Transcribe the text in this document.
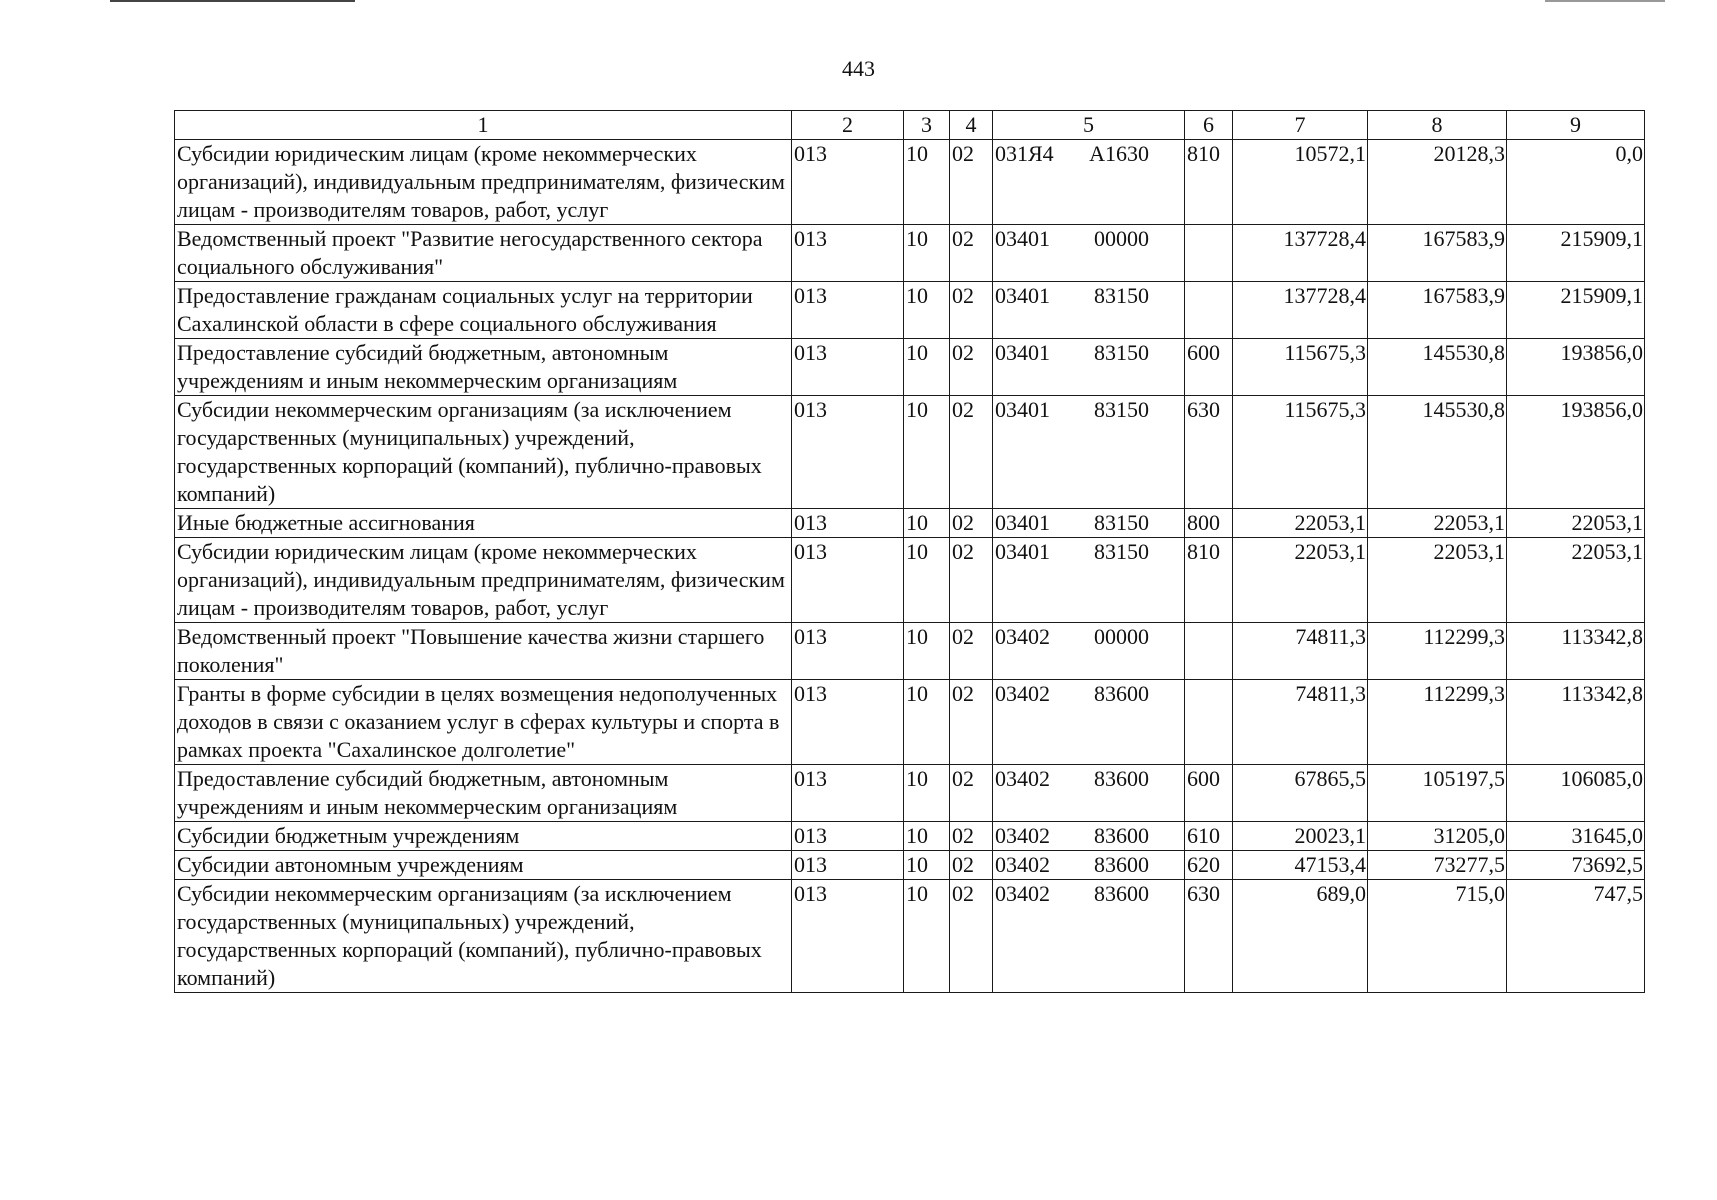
443
1	2	3	4	5	6	7	8	9
Субсидии юридическим лицам (кроме некоммерческих организаций), индивидуальным предпринимателям, физическим лицам - производителям товаров, работ, услуг	013	10	02	031Я4 A1630	810	10572,1	20128,3	0,0
Ведомственный проект "Развитие негосударственного сектора социального обслуживания"	013	10	02	03401 00000		137728,4	167583,9	215909,1
Предоставление гражданам социальных услуг на территории Сахалинской области в сфере социального обслуживания	013	10	02	03401 83150		137728,4	167583,9	215909,1
Предоставление субсидий бюджетным, автономным учреждениям и иным некоммерческим организациям	013	10	02	03401 83150	600	115675,3	145530,8	193856,0
Субсидии некоммерческим организациям (за исключением государственных (муниципальных) учреждений, государственных корпораций (компаний), публично-правовых компаний)	013	10	02	03401 83150	630	115675,3	145530,8	193856,0
Иные бюджетные ассигнования	013	10	02	03401 83150	800	22053,1	22053,1	22053,1
Субсидии юридическим лицам (кроме некоммерческих организаций), индивидуальным предпринимателям, физическим лицам - производителям товаров, работ, услуг	013	10	02	03401 83150	810	22053,1	22053,1	22053,1
Ведомственный проект "Повышение качества жизни старшего поколения"	013	10	02	03402 00000		74811,3	112299,3	113342,8
Гранты в форме субсидии в целях возмещения недополученных доходов в связи с оказанием услуг в сферах культуры и спорта в рамках проекта "Сахалинское долголетие"	013	10	02	03402 83600		74811,3	112299,3	113342,8
Предоставление субсидий бюджетным, автономным учреждениям и иным некоммерческим организациям	013	10	02	03402 83600	600	67865,5	105197,5	106085,0
Субсидии бюджетным учреждениям	013	10	02	03402 83600	610	20023,1	31205,0	31645,0
Субсидии автономным учреждениям	013	10	02	03402 83600	620	47153,4	73277,5	73692,5
Субсидии некоммерческим организациям (за исключением государственных (муниципальных) учреждений, государственных корпораций (компаний), публично-правовых компаний)	013	10	02	03402 83600	630	689,0	715,0	747,5
